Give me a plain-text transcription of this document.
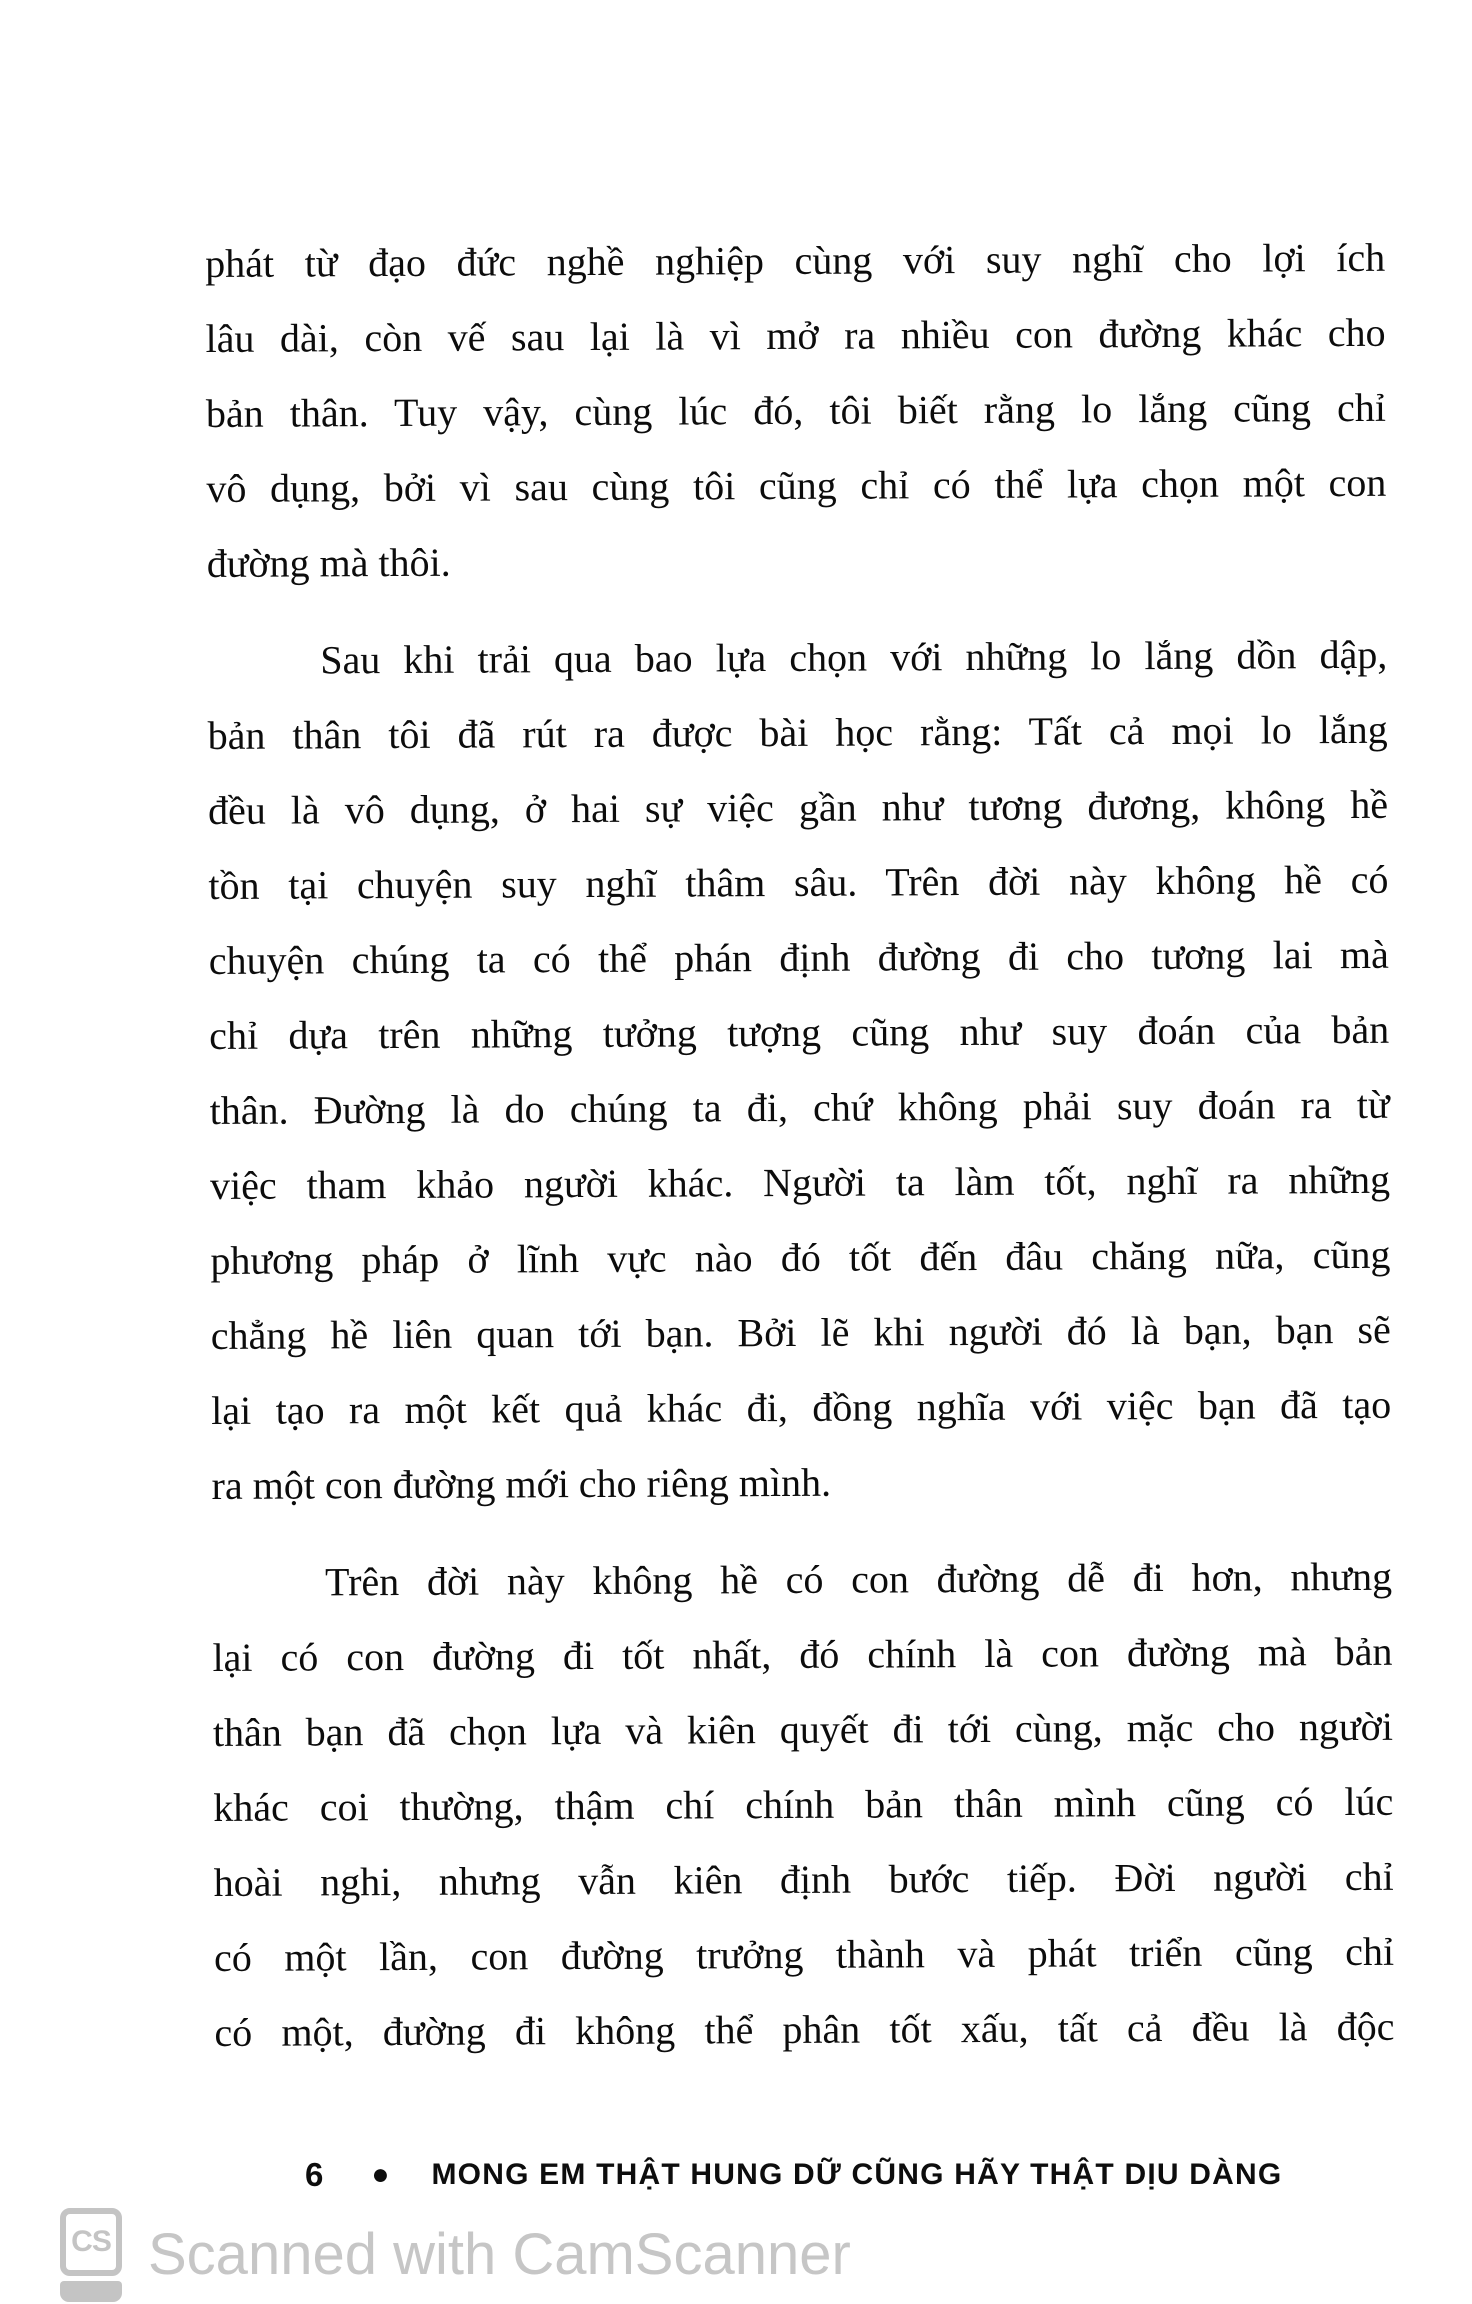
phát từ đạo đức nghề nghiệp cùng với suy nghĩ cho lợi ích
lâu dài, còn vế sau lại là vì mở ra nhiều con đường khác cho
bản thân. Tuy vậy, cùng lúc đó, tôi biết rằng lo lắng cũng chỉ
vô dụng, bởi vì sau cùng tôi cũng chỉ có thể lựa chọn một con
đường mà thôi.
Sau khi trải qua bao lựa chọn với những lo lắng dồn dập,
bản thân tôi đã rút ra được bài học rằng: Tất cả mọi lo lắng
đều là vô dụng, ở hai sự việc gần như tương đương, không hề
tồn tại chuyện suy nghĩ thâm sâu. Trên đời này không hề có
chuyện chúng ta có thể phán định đường đi cho tương lai mà
chỉ dựa trên những tưởng tượng cũng như suy đoán của bản
thân. Đường là do chúng ta đi, chứ không phải suy đoán ra từ
việc tham khảo người khác. Người ta làm tốt, nghĩ ra những
phương pháp ở lĩnh vực nào đó tốt đến đâu chăng nữa, cũng
chẳng hề liên quan tới bạn. Bởi lẽ khi người đó là bạn, bạn sẽ
lại tạo ra một kết quả khác đi, đồng nghĩa với việc bạn đã tạo
ra một con đường mới cho riêng mình.
Trên đời này không hề có con đường dễ đi hơn, nhưng
lại có con đường đi tốt nhất, đó chính là con đường mà bản
thân bạn đã chọn lựa và kiên quyết đi tới cùng, mặc cho người
khác coi thường, thậm chí chính bản thân mình cũng có lúc
hoài nghi, nhưng vẫn kiên định bước tiếp. Đời người chỉ
có một lần, con đường trưởng thành và phát triển cũng chỉ
có một, đường đi không thể phân tốt xấu, tất cả đều là độc
6 ● MONG EM THẬT HUNG DỮ CŨNG HÃY THẬT DỊU DÀNG
CS Scanned with CamScanner
